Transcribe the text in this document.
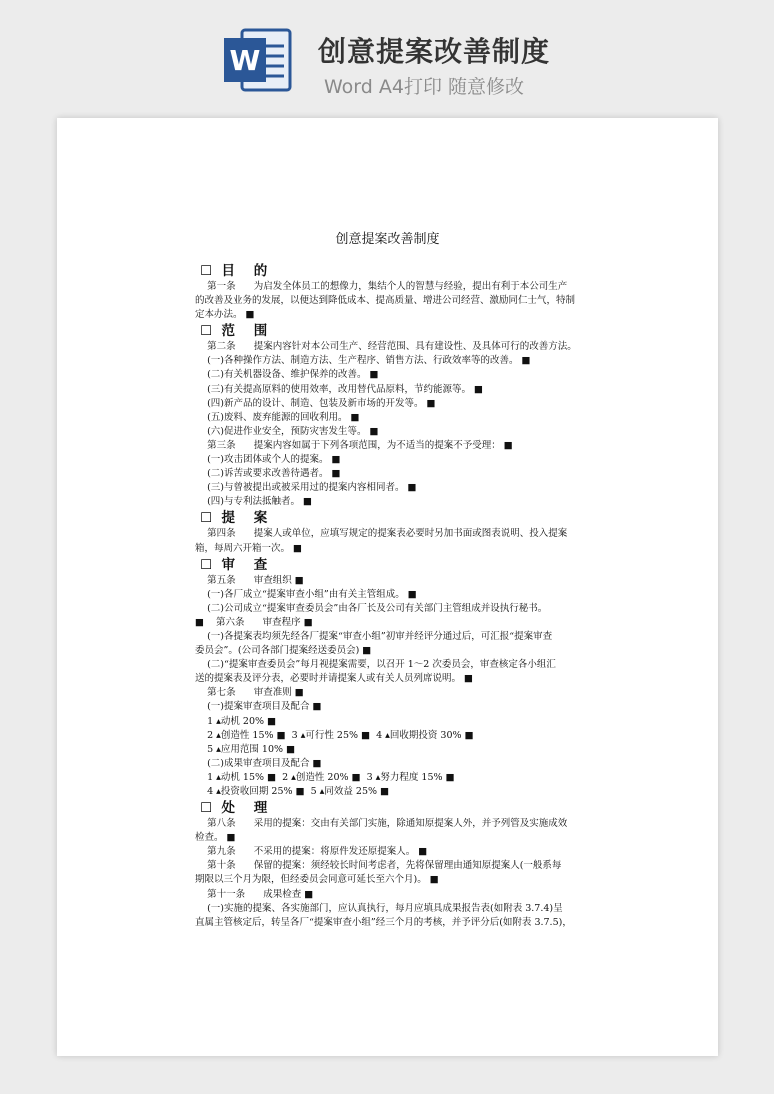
W 创意提案改善制度
Word A4打印 随意修改
创意提案改善制度
☐  目    的
第一条      为启发全体员工的想像力，集结个人的智慧与经验，提出有利于本公司生产
的改善及业务的发展，以便达到降低成本、提高质量、增进公司经营、激励同仁士气，特制
定本办法。 ■
☐  范    围
第二条      提案内容针对本公司生产、经营范围、具有建设性、及具体可行的改善方法。
(一)各种操作方法、制造方法、生产程序、销售方法、行政效率等的改善。 ■
(二)有关机器设备、维护保养的改善。 ■
(三)有关提高原料的使用效率，改用替代品原料，节约能源等。 ■
(四)新产品的设计、制造、包装及新市场的开发等。 ■
(五)废料、废弃能源的回收利用。 ■
(六)促进作业安全，预防灾害发生等。 ■
第三条      提案内容如属于下列各项范围，为不适当的提案不予受理： ■
(一)攻击团体或个人的提案。 ■
(二)诉苦或要求改善待遇者。 ■
(三)与曾被提出或被采用过的提案内容相同者。 ■
(四)与专利法抵触者。 ■
☐  提    案
第四条      提案人或单位，应填写规定的提案表必要时另加书面或图表说明、投入提案
箱，每周六开箱一次。 ■
☐  审    查
第五条      审查组织 ■
(一)各厂成立“提案审查小组”由有关主管组成。 ■
(二)公司成立“提案审查委员会”由各厂长及公司有关部门主管组成并设执行秘书。
■    第六条      审查程序 ■
(一)各提案表均须先经各厂提案“审查小组”初审并经评分通过后，可汇报“提案审查
委员会”。(公司各部门提案经送委员会) ■
(二)“提案审查委员会”每月视提案需要，以召开 1～2 次委员会，审查核定各小组汇
送的提案表及评分表，必要时并请提案人或有关人员列席说明。 ■
第七条      审查准则 ■
(一)提案审查项目及配合 ■
1 ▴动机 20% ■
2 ▴创造性 15% ■  3 ▴可行性 25% ■  4 ▴回收期投资 30% ■
5 ▴应用范围 10% ■
(二)成果审查项目及配合 ■
1 ▴动机 15% ■  2 ▴创造性 20% ■  3 ▴努力程度 15% ■
4 ▴投资收回期 25% ■  5 ▴同效益 25% ■
☐  处    理
第八条      采用的提案：交由有关部门实施，除通知原提案人外，并予列管及实施成效
检查。 ■
第九条      不采用的提案：将原件发还原提案人。 ■
第十条      保留的提案：须经较长时间考虑者，先将保留理由通知原提案人(一般系每
期限以三个月为限，但经委员会同意可延长至六个月)。 ■
第十一条      成果检查 ■
(一)实施的提案、各实施部门，应认真执行，每月应填具成果报告表(如附表 3.7.4)呈
直属主管核定后，转呈各厂“提案审查小组”经三个月的考核，并予评分后(如附表 3.7.5)，
